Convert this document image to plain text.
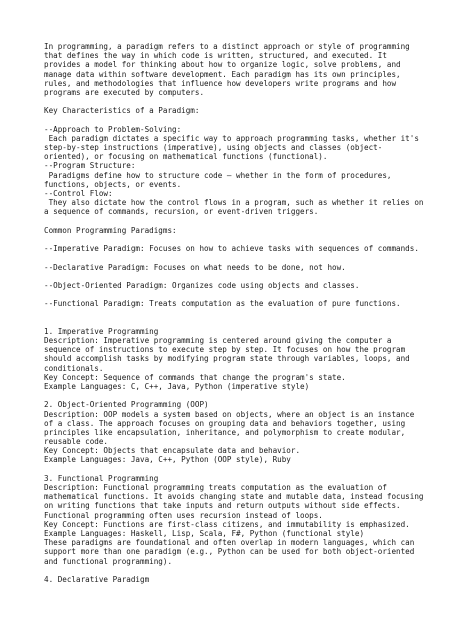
In programming, a paradigm refers to a distinct approach or style of programming
that defines the way in which code is written, structured, and executed. It
provides a model for thinking about how to organize logic, solve problems, and
manage data within software development. Each paradigm has its own principles,
rules, and methodologies that influence how developers write programs and how
programs are executed by computers.
Key Characteristics of a Paradigm:
--Approach to Problem-Solving:
Each paradigm dictates a specific way to approach programming tasks, whether it's
step-by-step instructions (imperative), using objects and classes (object-
oriented), or focusing on mathematical functions (functional).
--Program Structure:
Paradigms define how to structure code — whether in the form of procedures,
functions, objects, or events.
--Control Flow:
They also dictate how the control flows in a program, such as whether it relies on
a sequence of commands, recursion, or event-driven triggers.
Common Programming Paradigms:
--Imperative Paradigm: Focuses on how to achieve tasks with sequences of commands.
--Declarative Paradigm: Focuses on what needs to be done, not how.
--Object-Oriented Paradigm: Organizes code using objects and classes.
--Functional Paradigm: Treats computation as the evaluation of pure functions.
1. Imperative Programming
Description: Imperative programming is centered around giving the computer a
sequence of instructions to execute step by step. It focuses on how the program
should accomplish tasks by modifying program state through variables, loops, and
conditionals.
Key Concept: Sequence of commands that change the program's state.
Example Languages: C, C++, Java, Python (imperative style)
2. Object-Oriented Programming (OOP)
Description: OOP models a system based on objects, where an object is an instance
of a class. The approach focuses on grouping data and behaviors together, using
principles like encapsulation, inheritance, and polymorphism to create modular,
reusable code.
Key Concept: Objects that encapsulate data and behavior.
Example Languages: Java, C++, Python (OOP style), Ruby
3. Functional Programming
Description: Functional programming treats computation as the evaluation of
mathematical functions. It avoids changing state and mutable data, instead focusing
on writing functions that take inputs and return outputs without side effects.
Functional programming often uses recursion instead of loops.
Key Concept: Functions are first-class citizens, and immutability is emphasized.
Example Languages: Haskell, Lisp, Scala, F#, Python (functional style)
These paradigms are foundational and often overlap in modern languages, which can
support more than one paradigm (e.g., Python can be used for both object-oriented
and functional programming).
4. Declarative Paradigm
